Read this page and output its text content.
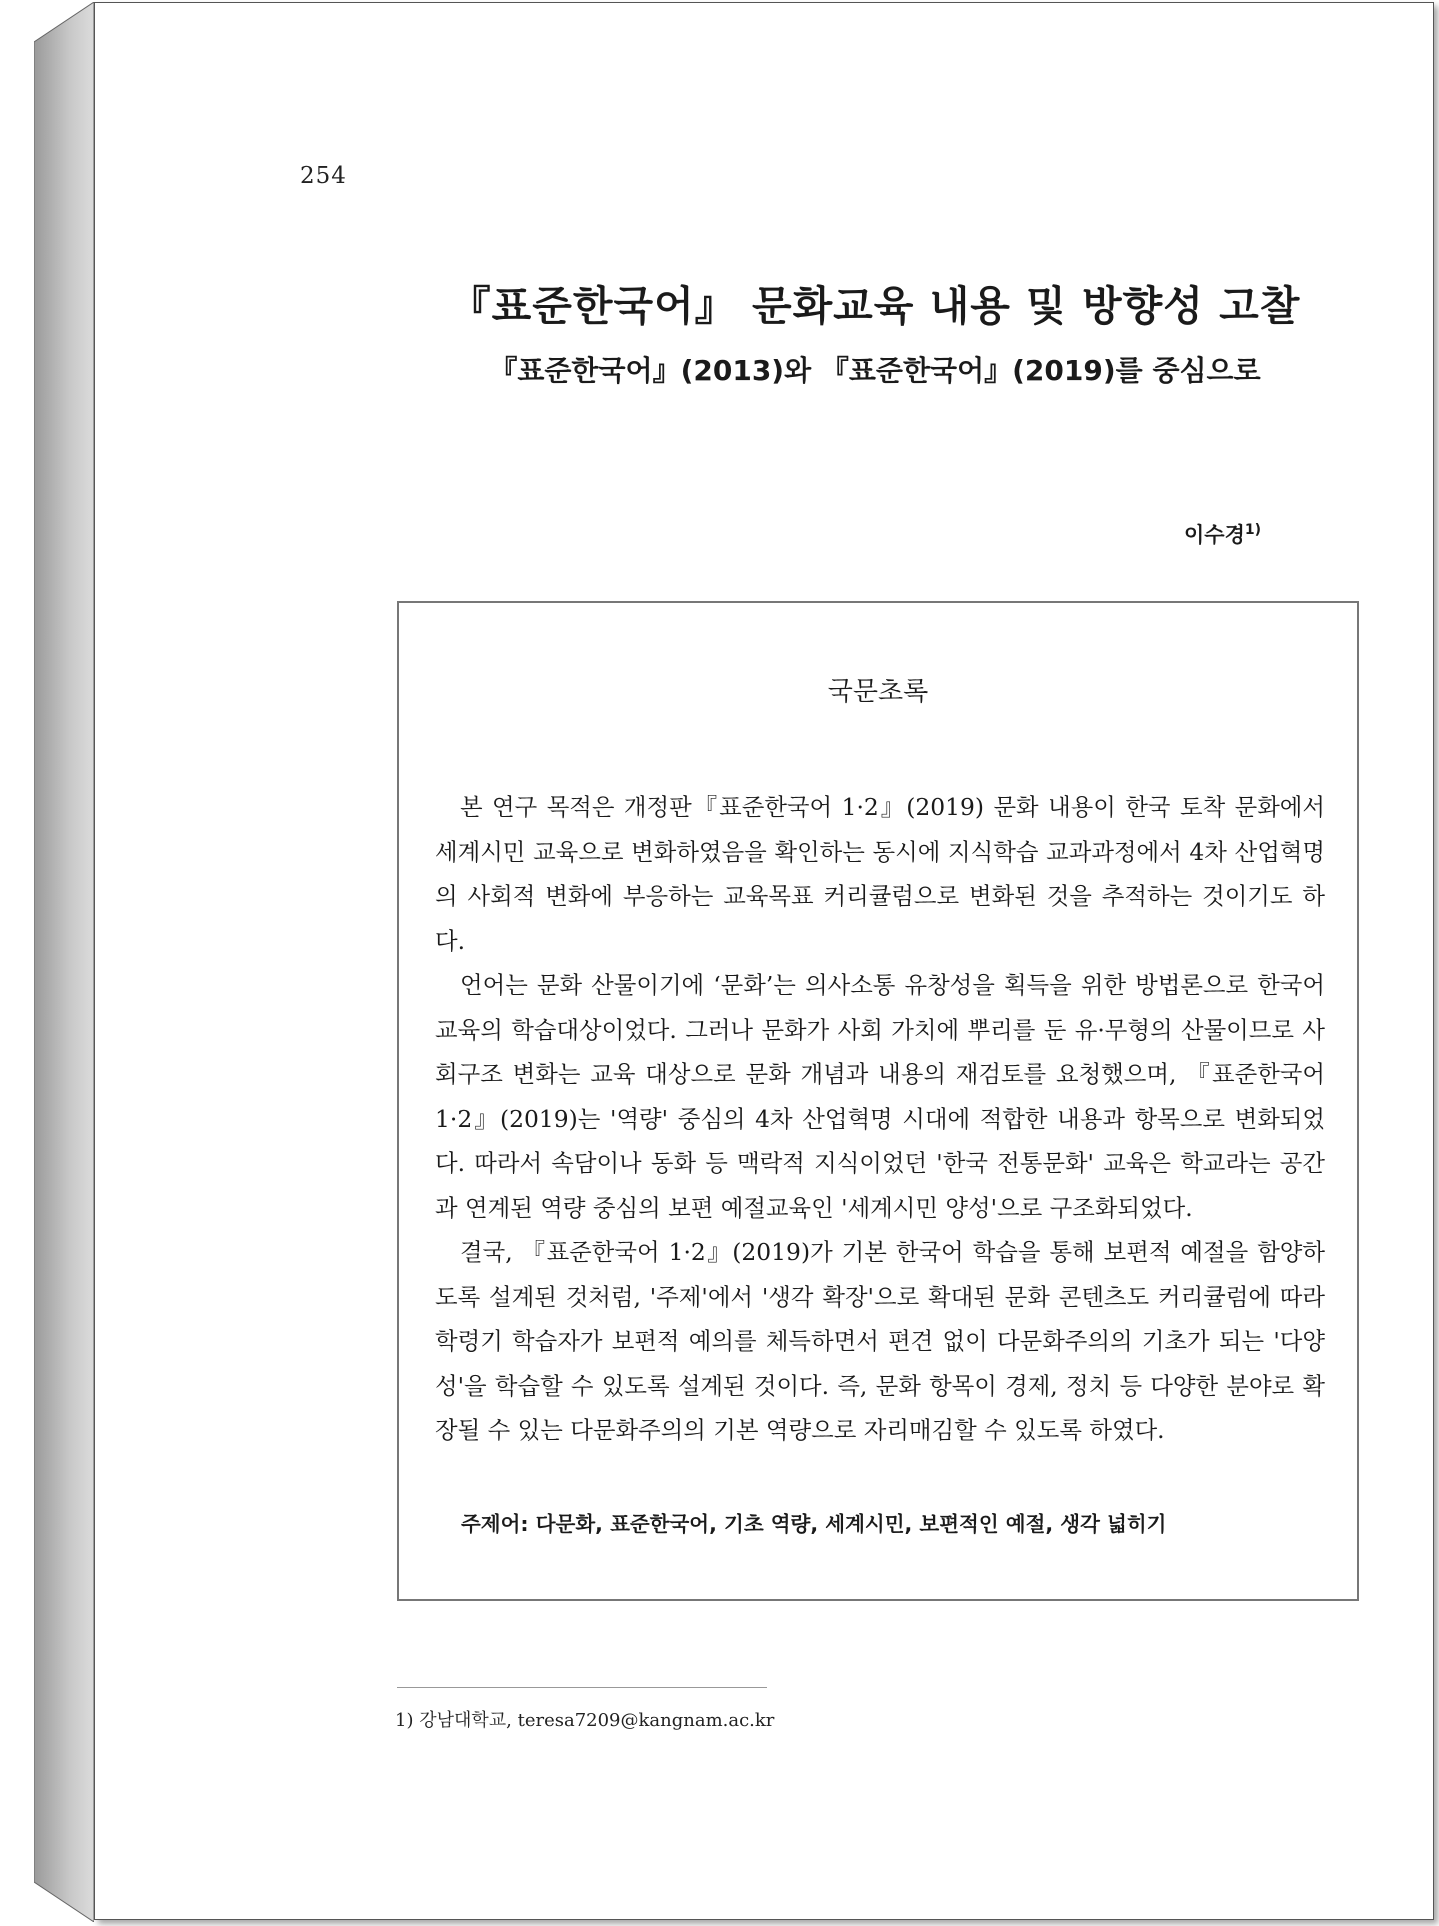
254
『표준한국어』 문화교육 내용 및 방향성 고찰
『표준한국어』(2013)와 『표준한국어』(2019)를 중심으로
이수경$^{1)}$
국문초록

본 연구 목적은 개정판『표준한국어 1·2』(2019) 문화 내용이 한국 토착 문화에서 세계시민 교육으로 변화하였음을 확인하는 동시에 지식학습 교과과정에서 4차 산업혁명의 사회적 변화에 부응하는 교육목표 커리큘럼으로 변화된 것을 추적하는 것이기도 하다.

언어는 문화 산물이기에 ‘문화’는 의사소통 유창성을 획득을 위한 방법론으로 한국어교육의 학습대상이었다. 그러나 문화가 사회 가치에 뿌리를 둔 유·무형의 산물이므로 사회구조 변화는 교육 대상으로 문화 개념과 내용의 재검토를 요청했으며, 『표준한국어 1·2』(2019)는 '역량' 중심의 4차 산업혁명 시대에 적합한 내용과 항목으로 변화되었다. 따라서 속담이나 동화 등 맥락적 지식이었던 '한국 전통문화' 교육은 학교라는 공간과 연계된 역량 중심의 보편 예절교육인 '세계시민 양성'으로 구조화되었다.

결국, 『표준한국어 1·2』(2019)가 기본 한국어 학습을 통해 보편적 예절을 함양하도록 설계된 것처럼, '주제'에서 '생각 확장'으로 확대된 문화 콘텐츠도 커리큘럼에 따라 학령기 학습자가 보편적 예의를 체득하면서 편견 없이 다문화주의의 기초가 되는 '다양성'을 학습할 수 있도록 설계된 것이다. 즉, 문화 항목이 경제, 정치 등 다양한 분야로 확장될 수 있는 다문화주의의 기본 역량으로 자리매김할 수 있도록 하였다.

주제어: 다문화, 표준한국어, 기초 역량, 세계시민, 보편적인 예절, 생각 넓히기
1) 강남대학교, teresa7209@kangnam.ac.kr
